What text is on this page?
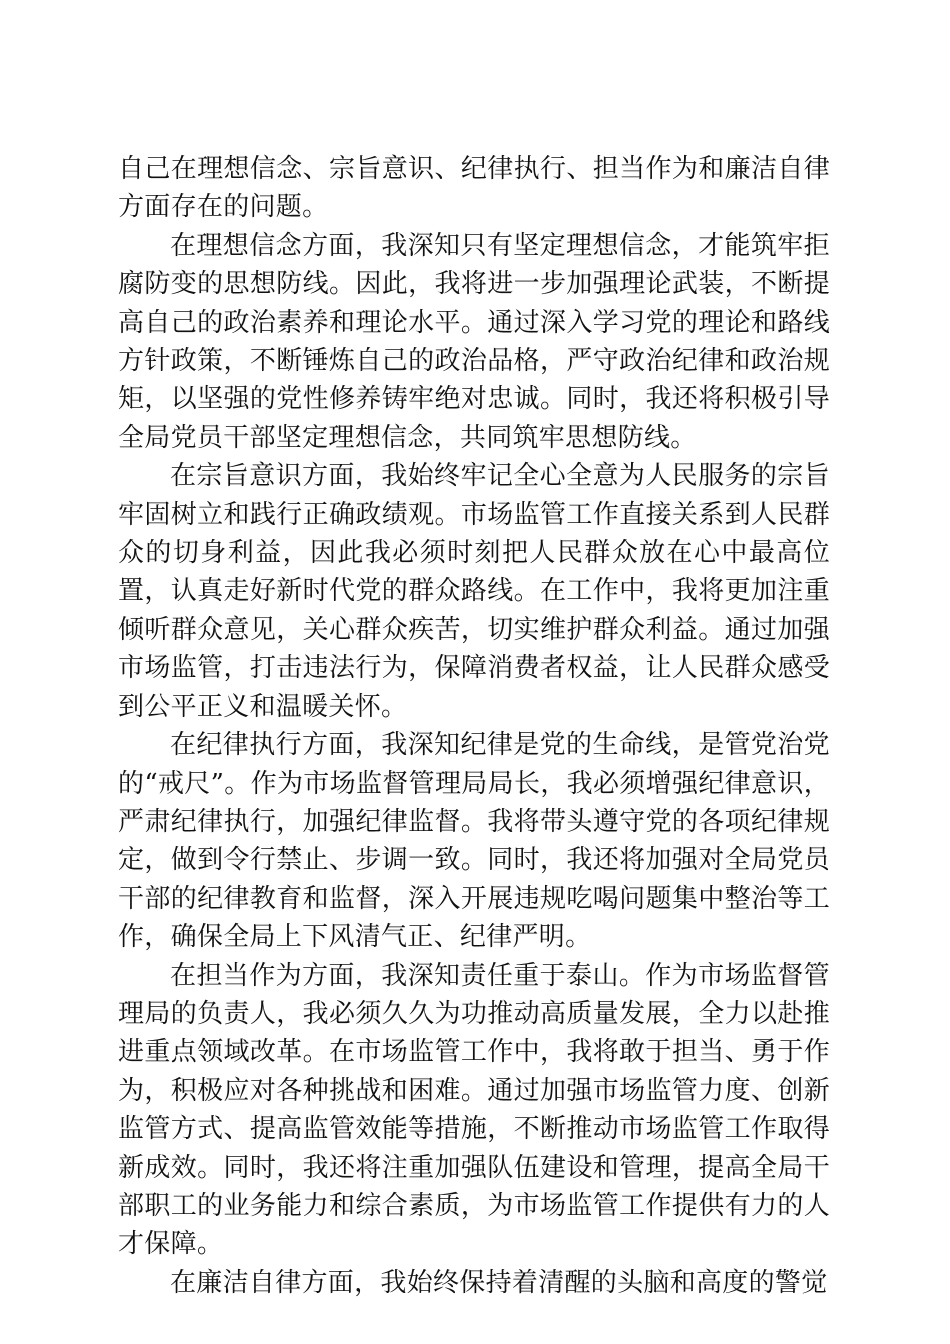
自己在理想信念、宗旨意识、纪律执行、担当作为和廉洁自律方面存在的问题。

在理想信念方面，我深知只有坚定理想信念，才能筑牢拒腐防变的思想防线。因此，我将进一步加强理论武装，不断提高自己的政治素养和理论水平。通过深入学习党的理论和路线方针政策，不断锤炼自己的政治品格，严守政治纪律和政治规矩，以坚强的党性修养铸牢绝对忠诚。同时，我还将积极引导全局党员干部坚定理想信念，共同筑牢思想防线。

在宗旨意识方面，我始终牢记全心全意为人民服务的宗旨牢固树立和践行正确政绩观。市场监管工作直接关系到人民群众的切身利益，因此我必须时刻把人民群众放在心中最高位置，认真走好新时代党的群众路线。在工作中，我将更加注重倾听群众意见，关心群众疾苦，切实维护群众利益。通过加强市场监管，打击违法行为，保障消费者权益，让人民群众感受到公平正义和温暖关怀。

在纪律执行方面，我深知纪律是党的生命线，是管党治党的“戒尺”。作为市场监督管理局局长，我必须增强纪律意识，严肃纪律执行，加强纪律监督。我将带头遵守党的各项纪律规定，做到令行禁止、步调一致。同时，我还将加强对全局党员干部的纪律教育和监督，深入开展违规吃喝问题集中整治等工作，确保全局上下风清气正、纪律严明。

在担当作为方面，我深知责任重于泰山。作为市场监督管理局的负责人，我必须久久为功推动高质量发展，全力以赴推进重点领域改革。在市场监管工作中，我将敢于担当、勇于作为，积极应对各种挑战和困难。通过加强市场监管力度、创新监管方式、提高监管效能等措施，不断推动市场监管工作取得新成效。同时，我还将注重加强队伍建设和管理，提高全局干部职工的业务能力和综合素质，为市场监管工作提供有力的人才保障。

在廉洁自律方面，我始终保持着清醒的头脑和高度的警觉
